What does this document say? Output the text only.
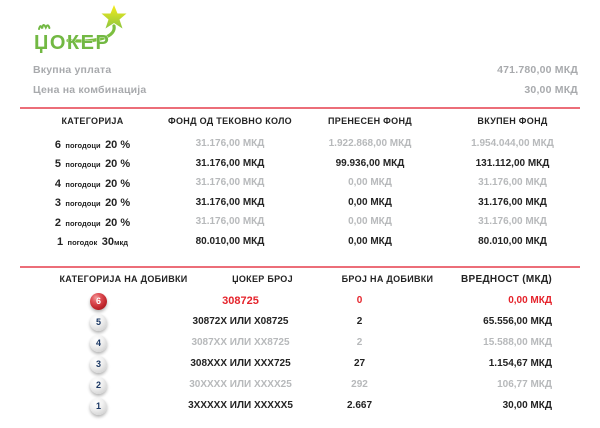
ЏОКЕР
Вкупна уплата	471.780,00 МКД
Цена на комбинација	30,00 МКД
КАТЕГОРИЈА	ФОНД ОД ТЕКОВНО КОЛО	ПРЕНЕСЕН ФОНД	ВКУПЕН ФОНД
6 погодоци 20 %	31.176,00 МКД	1.922.868,00 МКД	1.954.044,00 МКД
5 погодоци 20 %	31.176,00 МКД	99.936,00 МКД	131.112,00 МКД
4 погодоци 20 %	31.176,00 МКД	0,00 МКД	31.176,00 МКД
3 погодоци 20 %	31.176,00 МКД	0,00 МКД	31.176,00 МКД
2 погодоци 20 %	31.176,00 МКД	0,00 МКД	31.176,00 МКД
1 погодок 30мкд	80.010,00 МКД	0,00 МКД	80.010,00 МКД
КАТЕГОРИЈА НА ДОБИВКИ	ЏОКЕР БРОЈ	БРОЈ НА ДОБИВКИ	ВРЕДНОСТ (МКД)
6	308725	0	0,00 МКД
5	30872X ИЛИ X08725	2	65.556,00 МКД
4	3087XX ИЛИ XX8725	2	15.588,00 МКД
3	308XXX ИЛИ XXX725	27	1.154,67 МКД
2	30XXXX ИЛИ XXXX25	292	106,77 МКД
1	3XXXXX ИЛИ XXXXX5	2.667	30,00 МКД
